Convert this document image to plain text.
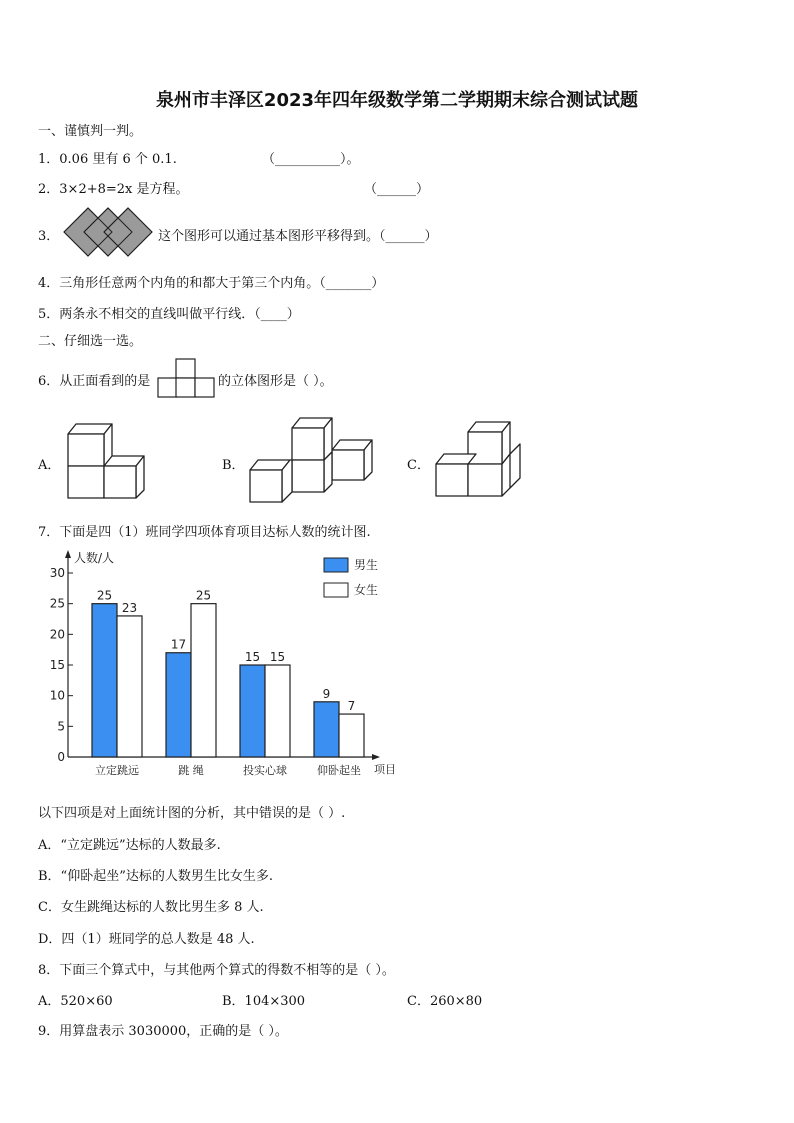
泉州市丰泽区2023年四年级数学第二学期期末综合测试试题
一、谨慎判一判。
1．0.06 里有 6 个 0.1.	（__________）。
2．3×2+8=2x 是方程。	（______）
3．	这个图形可以通过基本图形平移得到。（______）
4．三角形任意两个内角的和都大于第三个内角。（_______）
5．两条永不相交的直线叫做平行线．（____）
二、仔细选一选。
6．从正面看到的是	的立体图形是（ ）。
A．	B．	C．
7．下面是四（1）班同学四项体育项目达标人数的统计图.
0
5
10
15
20
25
30
人数/人
项目
25
23
立定跳远
17
25
跳 绳
15 15
投实心球
9
7
仰卧起坐
男生
女生
以下四项是对上面统计图的分析，其中错误的是（ ）.
A．“立定跳远”达标的人数最多.
B．“仰卧起坐”达标的人数男生比女生多.
C．女生跳绳达标的人数比男生多 8 人.
D．四（1）班同学的总人数是 48 人.
8．下面三个算式中，与其他两个算式的得数不相等的是（ ）。
A．520×60	B．104×300	C．260×80
9．用算盘表示 3030000，正确的是（ ）。
